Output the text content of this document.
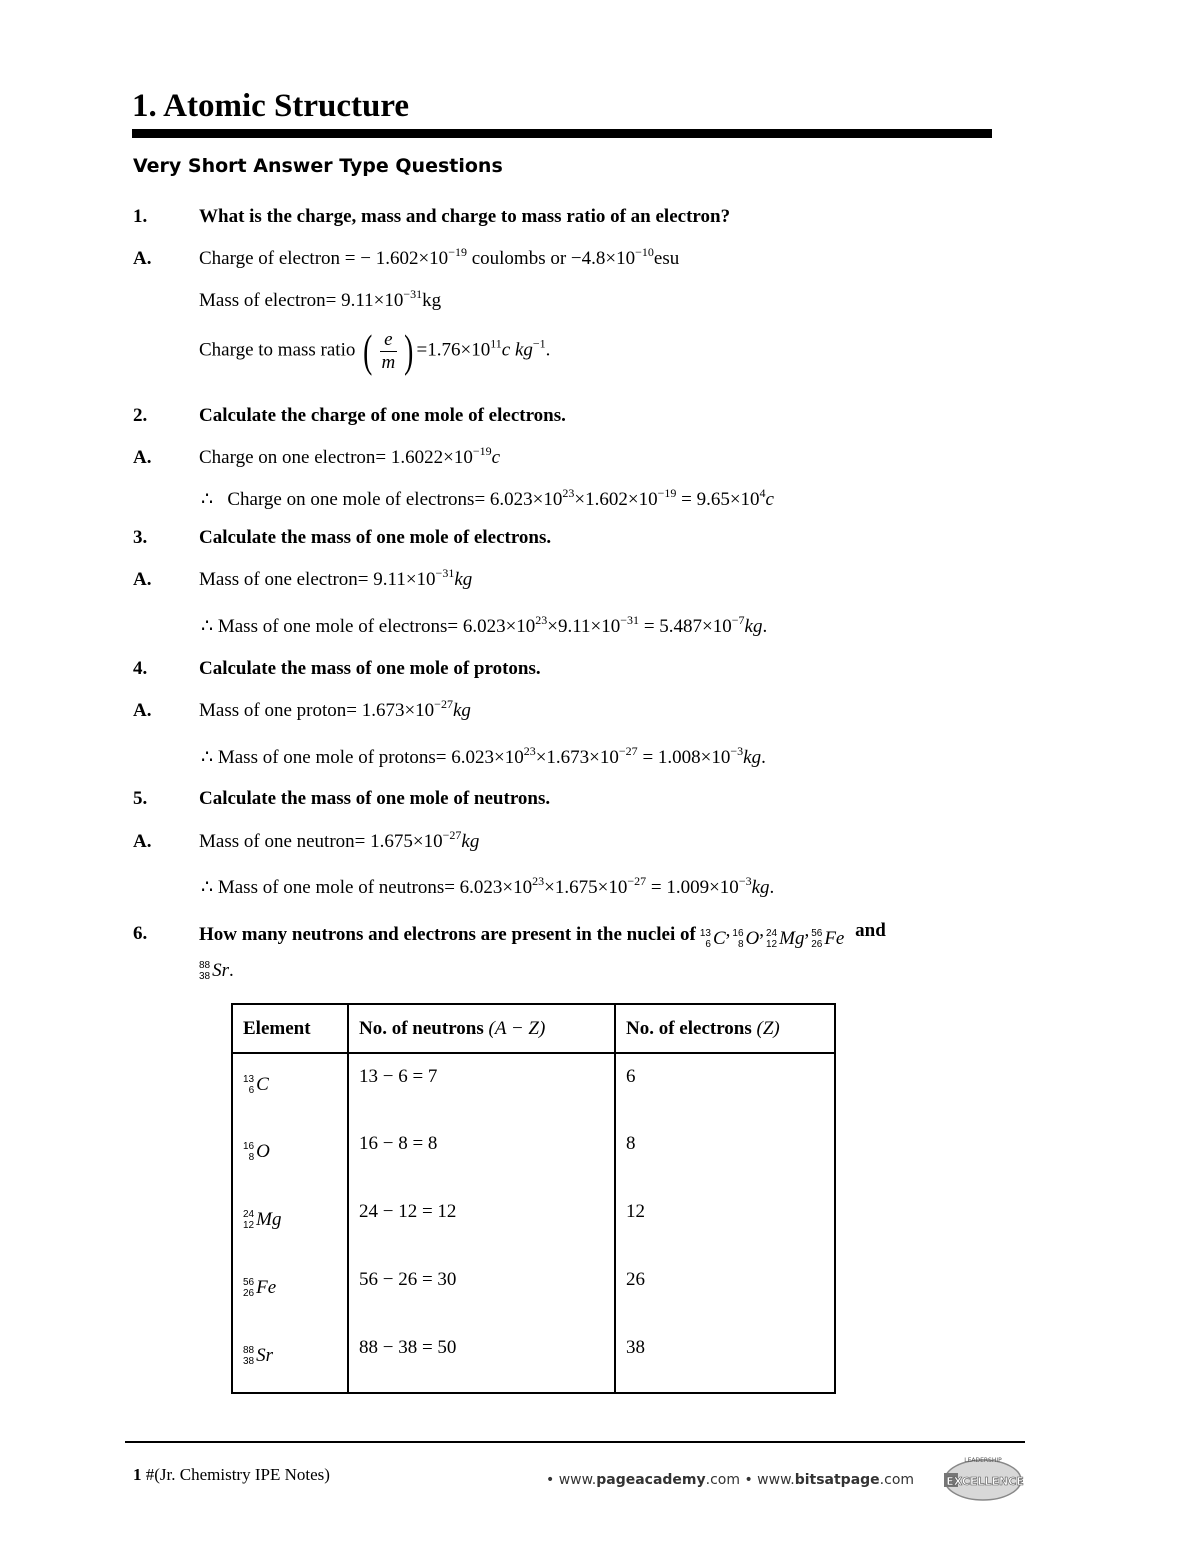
1. Atomic Structure
Very Short Answer Type Questions
1.	What is the charge, mass and charge to mass ratio of an electron?
A.	Charge of electron = − $1.602\times 10^{-19}$ coulombs or $-4.8\times 10^{-10}esu$
Mass of electron= $9.11\times 10^{-31}kg$
Charge to mass ratio ( e
m ) $=1.76\times 10^{11}c$ $kg^{-1}$.
2.	Calculate the charge of one mole of electrons.
A.	Charge on one electron= $1.6022\times 10^{-19}c$
∴ Charge on one mole of electrons= $6.023\times 10^{23}\times 1.602\times 10^{-19} = 9.65\times 10^4c$
3.	Calculate the mass of one mole of electrons.
A.	Mass of one electron= $9.11\times 10^{-31}kg$
∴ Mass of one mole of electrons= $6.023\times 10^{23}\times 9.11\times 10^{-31} = 5.487\times 10^{-7}kg$.
4.	Calculate the mass of one mole of protons.
A.	Mass of one proton= $1.673\times 10^{-27}kg$
∴ Mass of one mole of protons= $6.023\times 10^{23}\times 1.673\times 10^{-27} = 1.008\times 10^{-3}kg$.
5.	Calculate the mass of one mole of neutrons.
A.	Mass of one neutron= $1.675\times 10^{-27}kg$
∴ Mass of one mole of neutrons= $6.023\times 10^{23}\times 1.675\times 10^{-27} = 1.009\times 10^{-3}kg$.
6.	How many neutrons and electrons are present in the nuclei of 13
6 C , 16
8 O , 24
12 Mg , 56
26 Fe and
88
38 Sr .
Element	No. of neutrons (A − Z)	No. of electrons (Z)

13
6 C	13 − 6 = 7	6

16
8 O	16 − 8 = 8	8

24
12 Mg	24 − 12 = 12	12

56
26 Fe	56 − 26 = 30	26

88
38 Sr	88 − 38 = 50	38
1 #(Jr. Chemistry IPE Notes)	• www.pageacademy.com • www.bitsatpage.com
LEADERSHIP
EXCELLENCE
